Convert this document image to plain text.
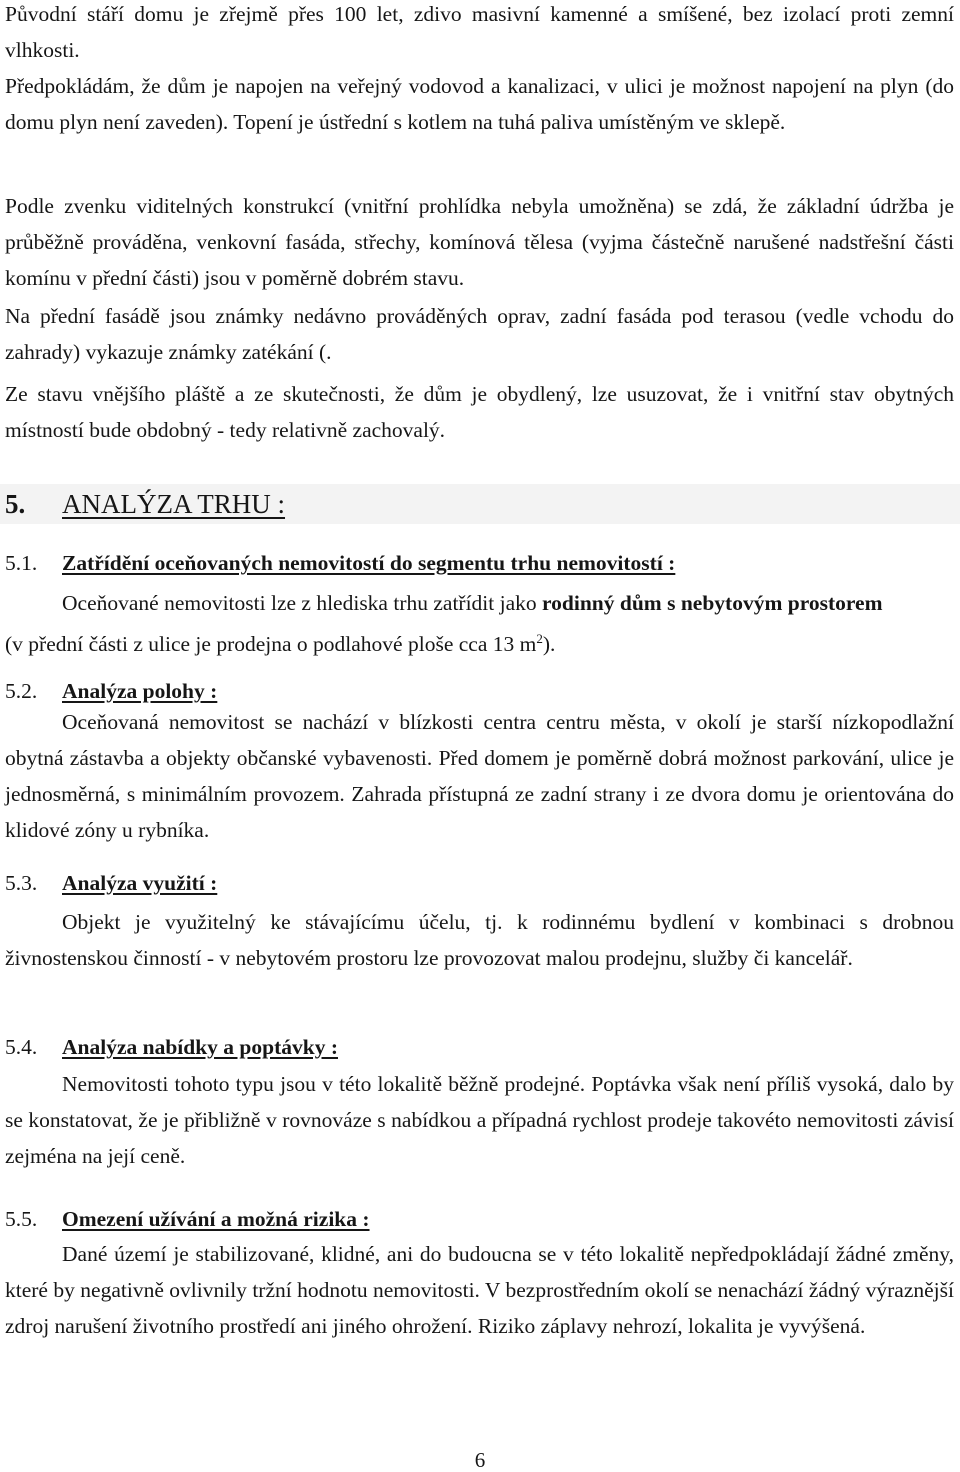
Původní stáří domu je zřejmě přes 100 let, zdivo masivní kamenné a smíšené, bez izolací proti zemní vlhkosti.

Předpokládám, že dům je napojen na veřejný vodovod a kanalizaci, v ulici je možnost napojení na plyn (do domu plyn není zaveden). Topení je ústřední s kotlem na tuhá paliva umístěným ve sklepě.

Podle zvenku viditelných konstrukcí (vnitřní prohlídka nebyla umožněna) se zdá, že základní údržba je průběžně prováděna, venkovní fasáda, střechy, komínová tělesa (vyjma částečně narušené nadstřešní části komínu v přední části) jsou v poměrně dobrém stavu.

Na přední fasádě jsou známky nedávno prováděných oprav, zadní fasáda pod terasou (vedle vchodu do zahrady) vykazuje známky zatékání (.

Ze stavu vnějšího pláště a ze skutečnosti, že dům je obydlený, lze usuzovat, že i vnitřní stav obytných místností bude obdobný - tedy relativně zachovalý.

5. ANALÝZA TRHU :
5.1. Zatřídění oceňovaných nemovitostí do segmentu trhu nemovitostí :

Oceňované nemovitosti lze z hlediska trhu zatřídit jako rodinný dům s nebytovým prostorem

(v přední části z ulice je prodejna o podlahové ploše cca 13 $m^2$).

5.2. Analýza polohy :

Oceňovaná nemovitost se nachází v blízkosti centra centru města, v okolí je starší nízkopodlažní obytná zástavba a objekty občanské vybavenosti. Před domem je poměrně dobrá možnost parkování, ulice je jednosměrná, s minimálním provozem. Zahrada přístupná ze zadní strany i ze dvora domu je orientována do klidové zóny u rybníka.

5.3. Analýza využití :

Objekt je využitelný ke stávajícímu účelu, tj. k rodinnému bydlení v kombinaci s drobnou živnostenskou činností - v nebytovém prostoru lze provozovat malou prodejnu, služby či kancelář.

5.4. Analýza nabídky a poptávky :

Nemovitosti tohoto typu jsou v této lokalitě běžně prodejné. Poptávka však není příliš vysoká, dalo by se konstatovat, že je přibližně v rovnováze s nabídkou a případná rychlost prodeje takovéto nemovitosti závisí zejména na její ceně.

5.5. Omezení užívání a možná rizika :

Dané území je stabilizované, klidné, ani do budoucna se v této lokalitě nepředpokládají žádné změny, které by negativně ovlivnily tržní hodnotu nemovitosti. V bezprostředním okolí se nenachází žádný výraznější zdroj narušení životního prostředí ani jiného ohrožení. Riziko záplavy nehrozí, lokalita je vyvýšená.

6
